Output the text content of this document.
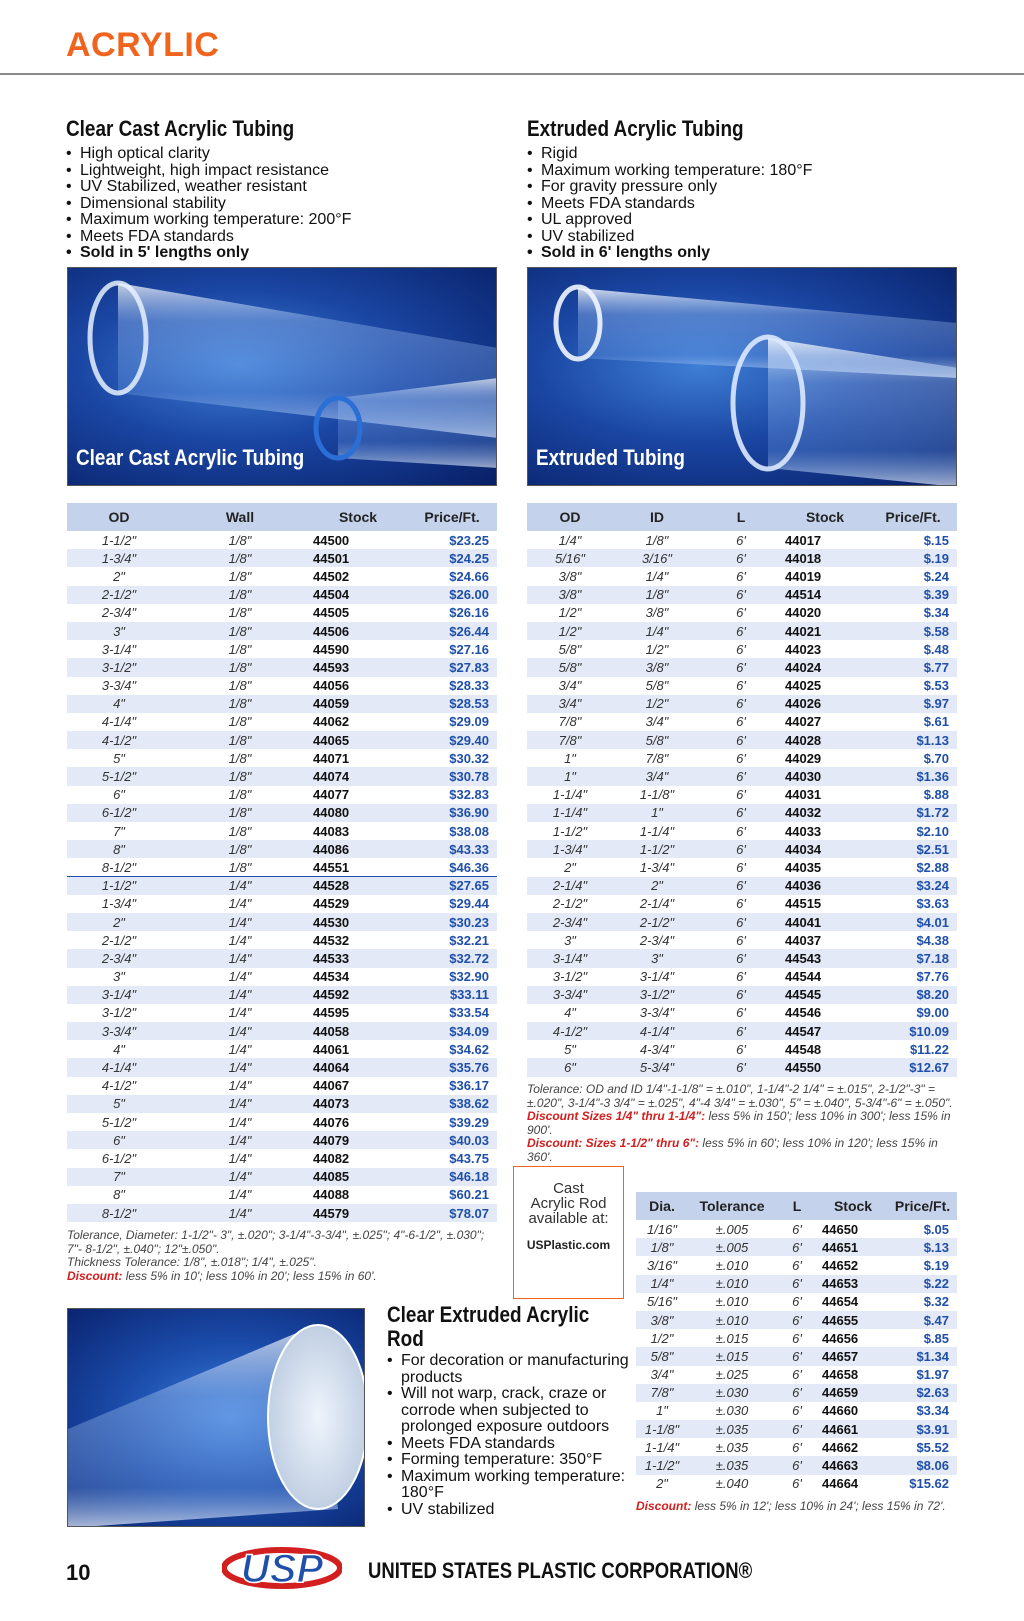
ACRYLIC
Clear Cast Acrylic Tubing
• High optical clarity
• Lightweight, high impact resistance
• UV Stabilized, weather resistant
• Dimensional stability
• Maximum working temperature: 200°F
• Meets FDA standards
• Sold in 5' lengths only
Clear Cast Acrylic Tubing
OD	Wall	Stock	Price/Ft.
1-1/2"	1/8"	44500	$23.25
1-3/4"	1/8"	44501	$24.25
2"	1/8"	44502	$24.66
2-1/2"	1/8"	44504	$26.00
2-3/4"	1/8"	44505	$26.16
3"	1/8"	44506	$26.44
3-1/4"	1/8"	44590	$27.16
3-1/2"	1/8"	44593	$27.83
3-3/4"	1/8"	44056	$28.33
4"	1/8"	44059	$28.53
4-1/4"	1/8"	44062	$29.09
4-1/2"	1/8"	44065	$29.40
5"	1/8"	44071	$30.32
5-1/2"	1/8"	44074	$30.78
6"	1/8"	44077	$32.83
6-1/2"	1/8"	44080	$36.90
7"	1/8"	44083	$38.08
8"	1/8"	44086	$43.33
8-1/2"	1/8"	44551	$46.36
1-1/2"	1/4"	44528	$27.65
1-3/4"	1/4"	44529	$29.44
2"	1/4"	44530	$30.23
2-1/2"	1/4"	44532	$32.21
2-3/4"	1/4"	44533	$32.72
3"	1/4"	44534	$32.90
3-1/4"	1/4"	44592	$33.11
3-1/2"	1/4"	44595	$33.54
3-3/4"	1/4"	44058	$34.09
4"	1/4"	44061	$34.62
4-1/4"	1/4"	44064	$35.76
4-1/2"	1/4"	44067	$36.17
5"	1/4"	44073	$38.62
5-1/2"	1/4"	44076	$39.29
6"	1/4"	44079	$40.03
6-1/2"	1/4"	44082	$43.75
7"	1/4"	44085	$46.18
8"	1/4"	44088	$60.21
8-1/2"	1/4"	44579	$78.07
Tolerance, Diameter: 1-1/2"- 3", ±.020"; 3-1/4"-3-3/4", ±.025"; 4"-6-1/2", ±.030"; 7"- 8-1/2", ±.040"; 12"±.050".
Thickness Tolerance: 1/8", ±.018"; 1/4", ±.025".
Discount: less 5% in 10'; less 10% in 20'; less 15% in 60'.
Extruded Acrylic Tubing
• Rigid
• Maximum working temperature: 180°F
• For gravity pressure only
• Meets FDA standards
• UL approved
• UV stabilized
• Sold in 6' lengths only
Extruded Tubing
OD	ID	L	Stock	Price/Ft.
1/4"	1/8"	6'	44017	$.15
5/16"	3/16"	6'	44018	$.19
3/8"	1/4"	6'	44019	$.24
3/8"	1/8"	6'	44514	$.39
1/2"	3/8"	6'	44020	$.34
1/2"	1/4"	6'	44021	$.58
5/8"	1/2"	6'	44023	$.48
5/8"	3/8"	6'	44024	$.77
3/4"	5/8"	6'	44025	$.53
3/4"	1/2"	6'	44026	$.97
7/8"	3/4"	6'	44027	$.61
7/8"	5/8"	6'	44028	$1.13
1"	7/8"	6'	44029	$.70
1"	3/4"	6'	44030	$1.36
1-1/4"	1-1/8"	6'	44031	$.88
1-1/4"	1"	6'	44032	$1.72
1-1/2"	1-1/4"	6'	44033	$2.10
1-3/4"	1-1/2"	6'	44034	$2.51
2"	1-3/4"	6'	44035	$2.88
2-1/4"	2"	6'	44036	$3.24
2-1/2"	2-1/4"	6'	44515	$3.63
2-3/4"	2-1/2"	6'	44041	$4.01
3"	2-3/4"	6'	44037	$4.38
3-1/4"	3"	6'	44543	$7.18
3-1/2"	3-1/4"	6'	44544	$7.76
3-3/4"	3-1/2"	6'	44545	$8.20
4"	3-3/4"	6'	44546	$9.00
4-1/2"	4-1/4"	6'	44547	$10.09
5"	4-3/4"	6'	44548	$11.22
6"	5-3/4"	6'	44550	$12.67
Tolerance: OD and ID 1/4"-1-1/8" = ±.010", 1-1/4"-2 1/4" = ±.015", 2-1/2"-3" = ±.020", 3-1/4"-3 3/4" = ±.025", 4"-4 3/4" = ±.030", 5" = ±.040", 5-3/4"-6" = ±.050".
Discount Sizes 1/4" thru 1-1/4": less 5% in 150'; less 10% in 300'; less 15% in 900'.
Discount: Sizes 1-1/2" thru 6": less 5% in 60'; less 10% in 120'; less 15% in 360'.
Cast
Acrylic Rod
available at:
USPlastic.com
Clear Extruded Acrylic
Rod
• For decoration or manufacturing products
• Will not warp, crack, craze or corrode when subjected to prolonged exposure outdoors
• Meets FDA standards
• Forming temperature: 350°F
• Maximum working temperature: 180°F
• UV stabilized
Dia.	Tolerance	L	Stock	Price/Ft.
1/16"	±.005	6'	44650	$.05
1/8"	±.005	6'	44651	$.13
3/16"	±.010	6'	44652	$.19
1/4"	±.010	6'	44653	$.22
5/16"	±.010	6'	44654	$.32
3/8"	±.010	6'	44655	$.47
1/2"	±.015	6'	44656	$.85
5/8"	±.015	6'	44657	$1.34
3/4"	±.025	6'	44658	$1.97
7/8"	±.030	6'	44659	$2.63
1"	±.030	6'	44660	$3.34
1-1/8"	±.035	6'	44661	$3.91
1-1/4"	±.035	6'	44662	$5.52
1-1/2"	±.035	6'	44663	$8.06
2"	±.040	6'	44664	$15.62
Discount: less 5% in 12'; less 10% in 24'; less 15% in 72'.
10	USP UNITED STATES PLASTIC CORPORATION®
